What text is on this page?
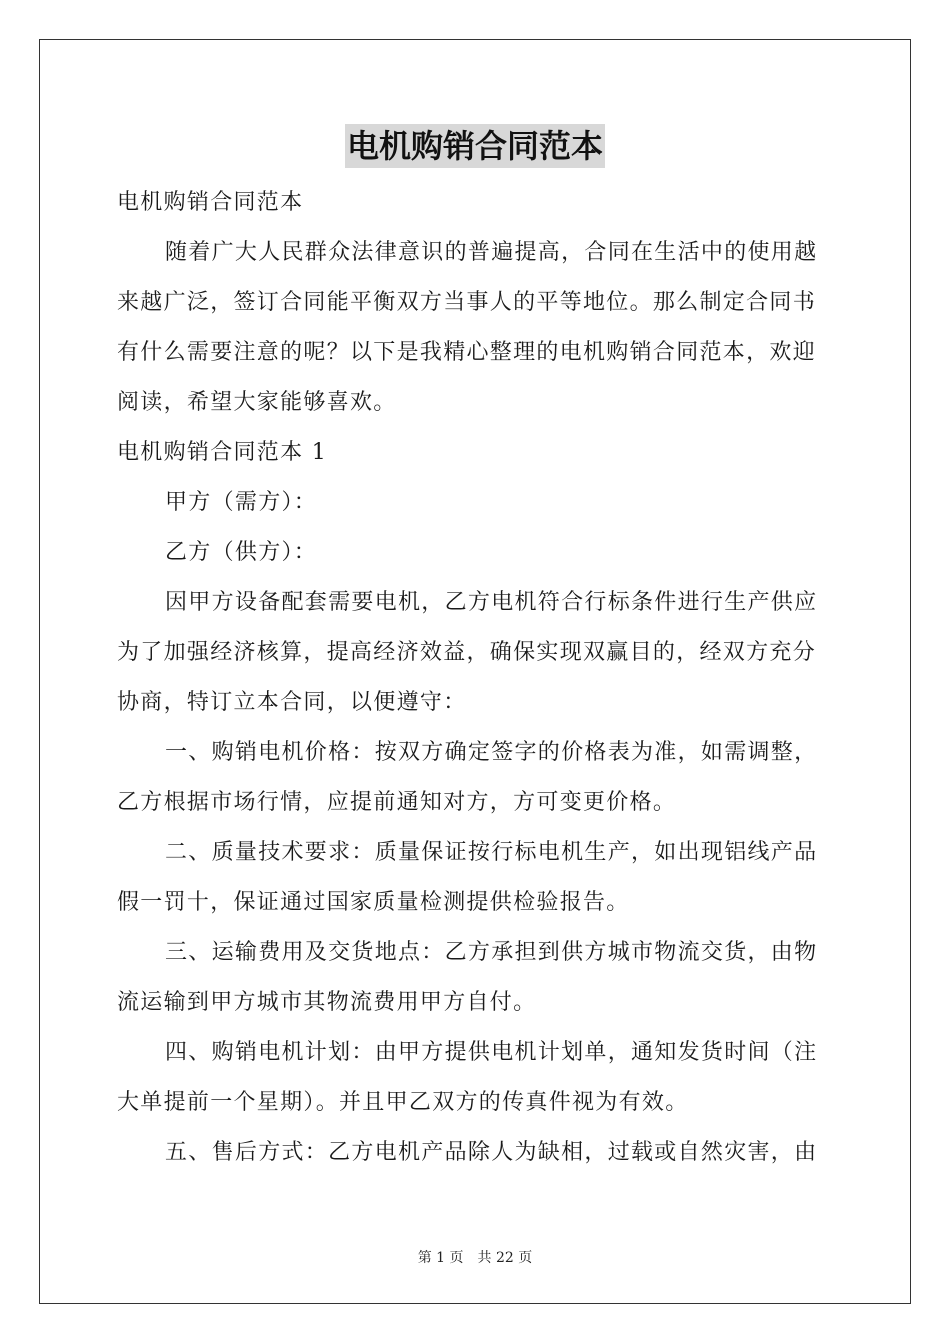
电机购销合同范本

电机购销合同范本

随着广大人民群众法律意识的普遍提高，合同在生活中的使用越来越广泛，签订合同能平衡双方当事人的平等地位。那么制定合同书有什么需要注意的呢？以下是我精心整理的电机购销合同范本，欢迎阅读，希望大家能够喜欢。

电机购销合同范本 1

甲方（需方）：

乙方（供方）：

因甲方设备配套需要电机，乙方电机符合行标条件进行生产供应为了加强经济核算，提高经济效益，确保实现双赢目的，经双方充分协商，特订立本合同，以便遵守：

一、购销电机价格：按双方确定签字的价格表为准，如需调整，乙方根据市场行情，应提前通知对方，方可变更价格。

二、质量技术要求：质量保证按行标电机生产，如出现铝线产品假一罚十，保证通过国家质量检测提供检验报告。

三、运输费用及交货地点：乙方承担到供方城市物流交货，由物流运输到甲方城市其物流费用甲方自付。

四、购销电机计划：由甲方提供电机计划单，通知发货时间（注大单提前一个星期）。并且甲乙双方的传真件视为有效。

五、售后方式：乙方电机产品除人为缺相，过载或自然灾害，由

第 1 页　共 22 页
